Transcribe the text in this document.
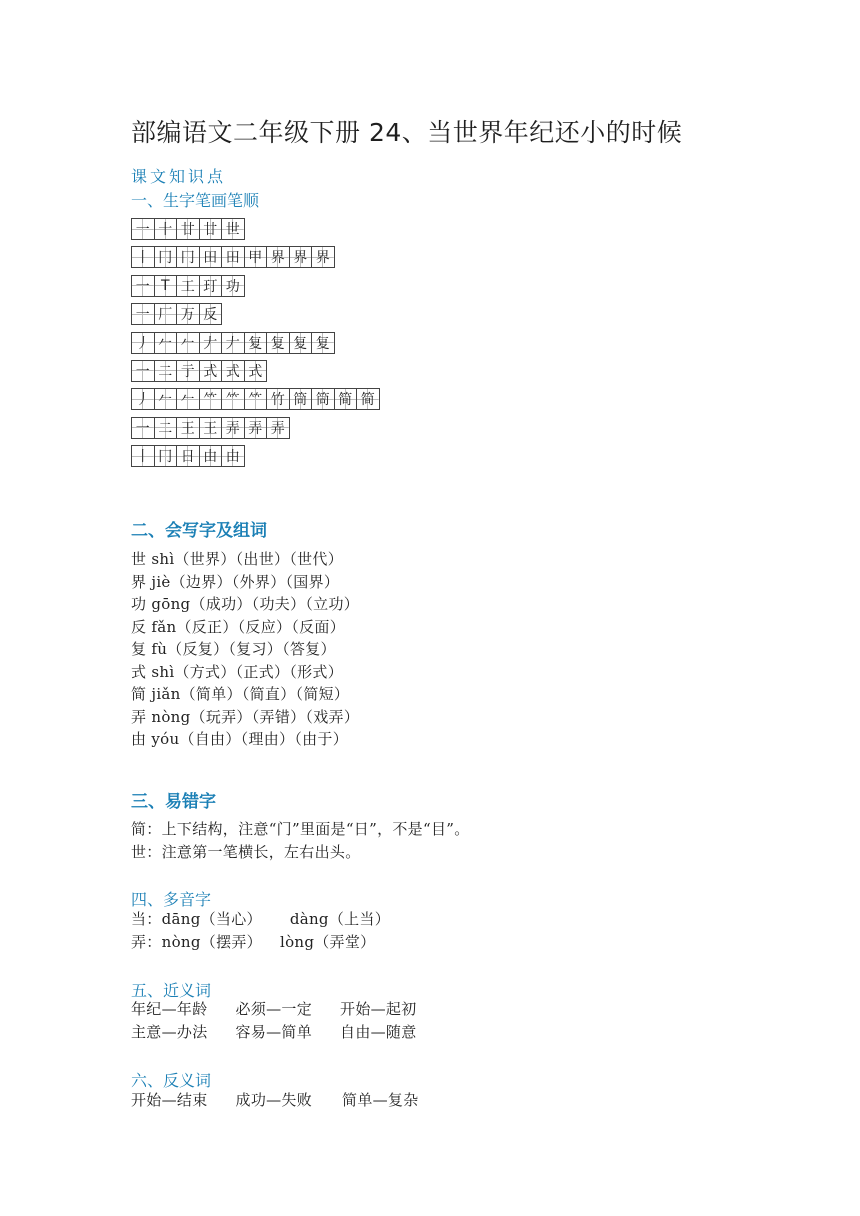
部编语文二年级下册 24、当世界年纪还小的时候
课文知识点
一、生字笔画笔顺
一 十 廿 廿 世
丨 冂 冂 田 田 甲 界 界 界
一 T 工 玎 功
一 厂 万 反
丿 𠂉 𠂉 𠂇 𠂇 复 复 复 复
一 二 亍 式 式 式
丿 𠂉 𠂉 ⺮ ⺮ ⺮ 竹 筒 筒 简 简
一 二 王 王 弄 弄 弄
丨 冂 日 由 由
二、会写字及组词
世 shì（世界）（出世）（世代）
界 jiè（边界）（外界）（国界）
功 gōng（成功）（功夫）（立功）
反 fǎn（反正）（反应）（反面）
复 fù（反复）（复习）（答复）
式 shì（方式）（正式）（形式）
简 jiǎn（简单）（简直）（简短）
弄 nòng（玩弄）（弄错）（戏弄）
由 yóu（自由）（理由）（由于）
三、易错字
简：上下结构，注意“门”里面是“日”，不是“目”。
世：注意第一笔横长，左右出头。
四、多音字
当：dāng（当心） dàng（上当）
弄：nòng（摆弄） lòng（弄堂）
五、近义词
年纪—年龄 必须—一定 开始—起初
主意—办法 容易—简单 自由—随意
六、反义词
开始—结束 成功—失败 简单—复杂
